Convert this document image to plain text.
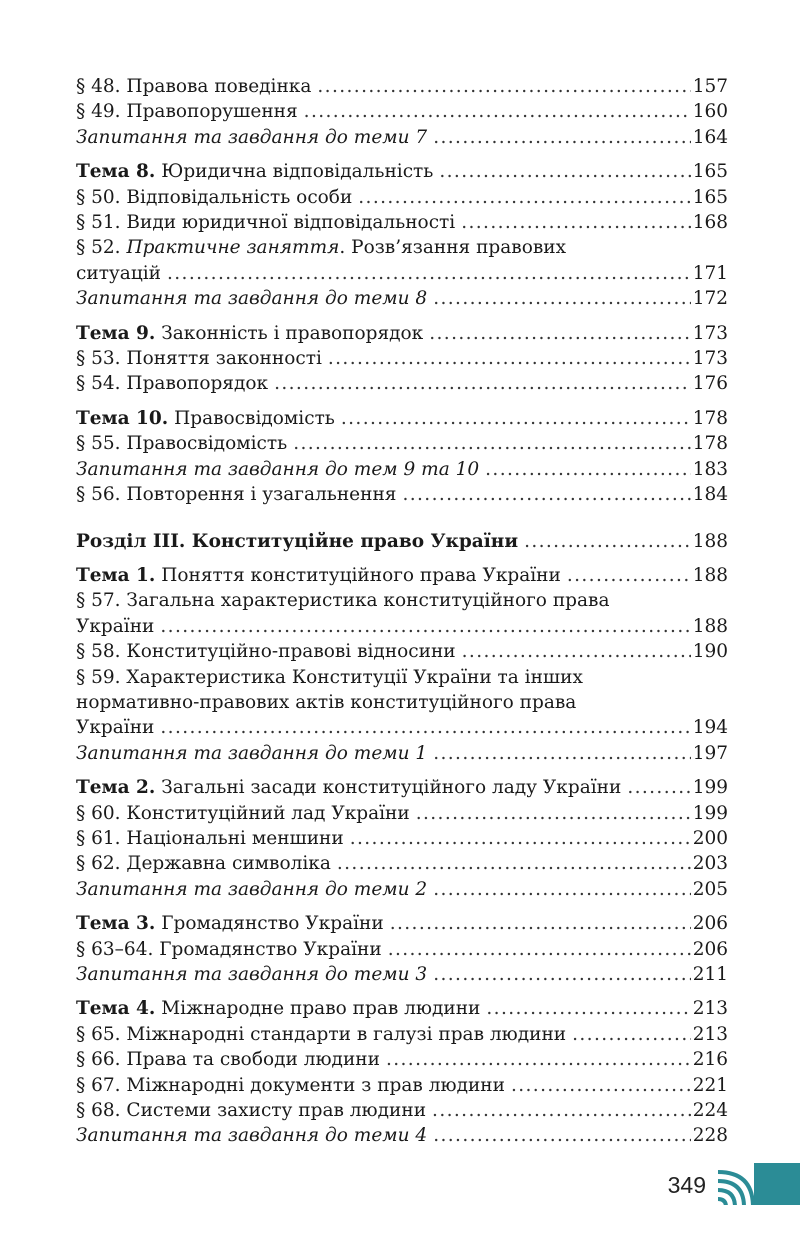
§ 48. Правова поведінка .....	157
§ 49. Правопорушення .....	160
Запитання та завдання до теми 7 .....	164
Тема 8. Юридична відповідальність .....	165
§ 50. Відповідальність особи .....	165
§ 51. Види юридичної відповідальності .....	168
§ 52. Практичне заняття. Розв’язання правових
ситуацій .....	171
Запитання та завдання до теми 8 .....	172
Тема 9. Законність і правопорядок .....	173
§ 53. Поняття законності .....	173
§ 54. Правопорядок .....	176
Тема 10. Правосвідомість .....	178
§ 55. Правосвідомість .....	178
Запитання та завдання до тем 9 та 10 .....	183
§ 56. Повторення і узагальнення .....	184
Розділ ІІІ. Конституційне право України .....	188
Тема 1. Поняття конституційного права України .....	188
§ 57. Загальна характеристика конституційного права
України .....	188
§ 58. Конституційно-правові відносини .....	190
§ 59. Характеристика Конституції України та інших
нормативно-правових актів конституційного права
України .....	194
Запитання та завдання до теми 1 .....	197
Тема 2. Загальні засади конституційного ладу України .....	199
§ 60. Конституційний лад України .....	199
§ 61. Національні меншини .....	200
§ 62. Державна символіка .....	203
Запитання та завдання до теми 2 .....	205
Тема 3. Громадянство України .....	206
§ 63–64. Громадянство України .....	206
Запитання та завдання до теми 3 .....	211
Тема 4. Міжнародне право прав людини .....	213
§ 65. Міжнародні стандарти в галузі прав людини .....	213
§ 66. Права та свободи людини .....	216
§ 67. Міжнародні документи з прав людини .....	221
§ 68. Системи захисту прав людини .....	224
Запитання та завдання до теми 4 .....	228
349
